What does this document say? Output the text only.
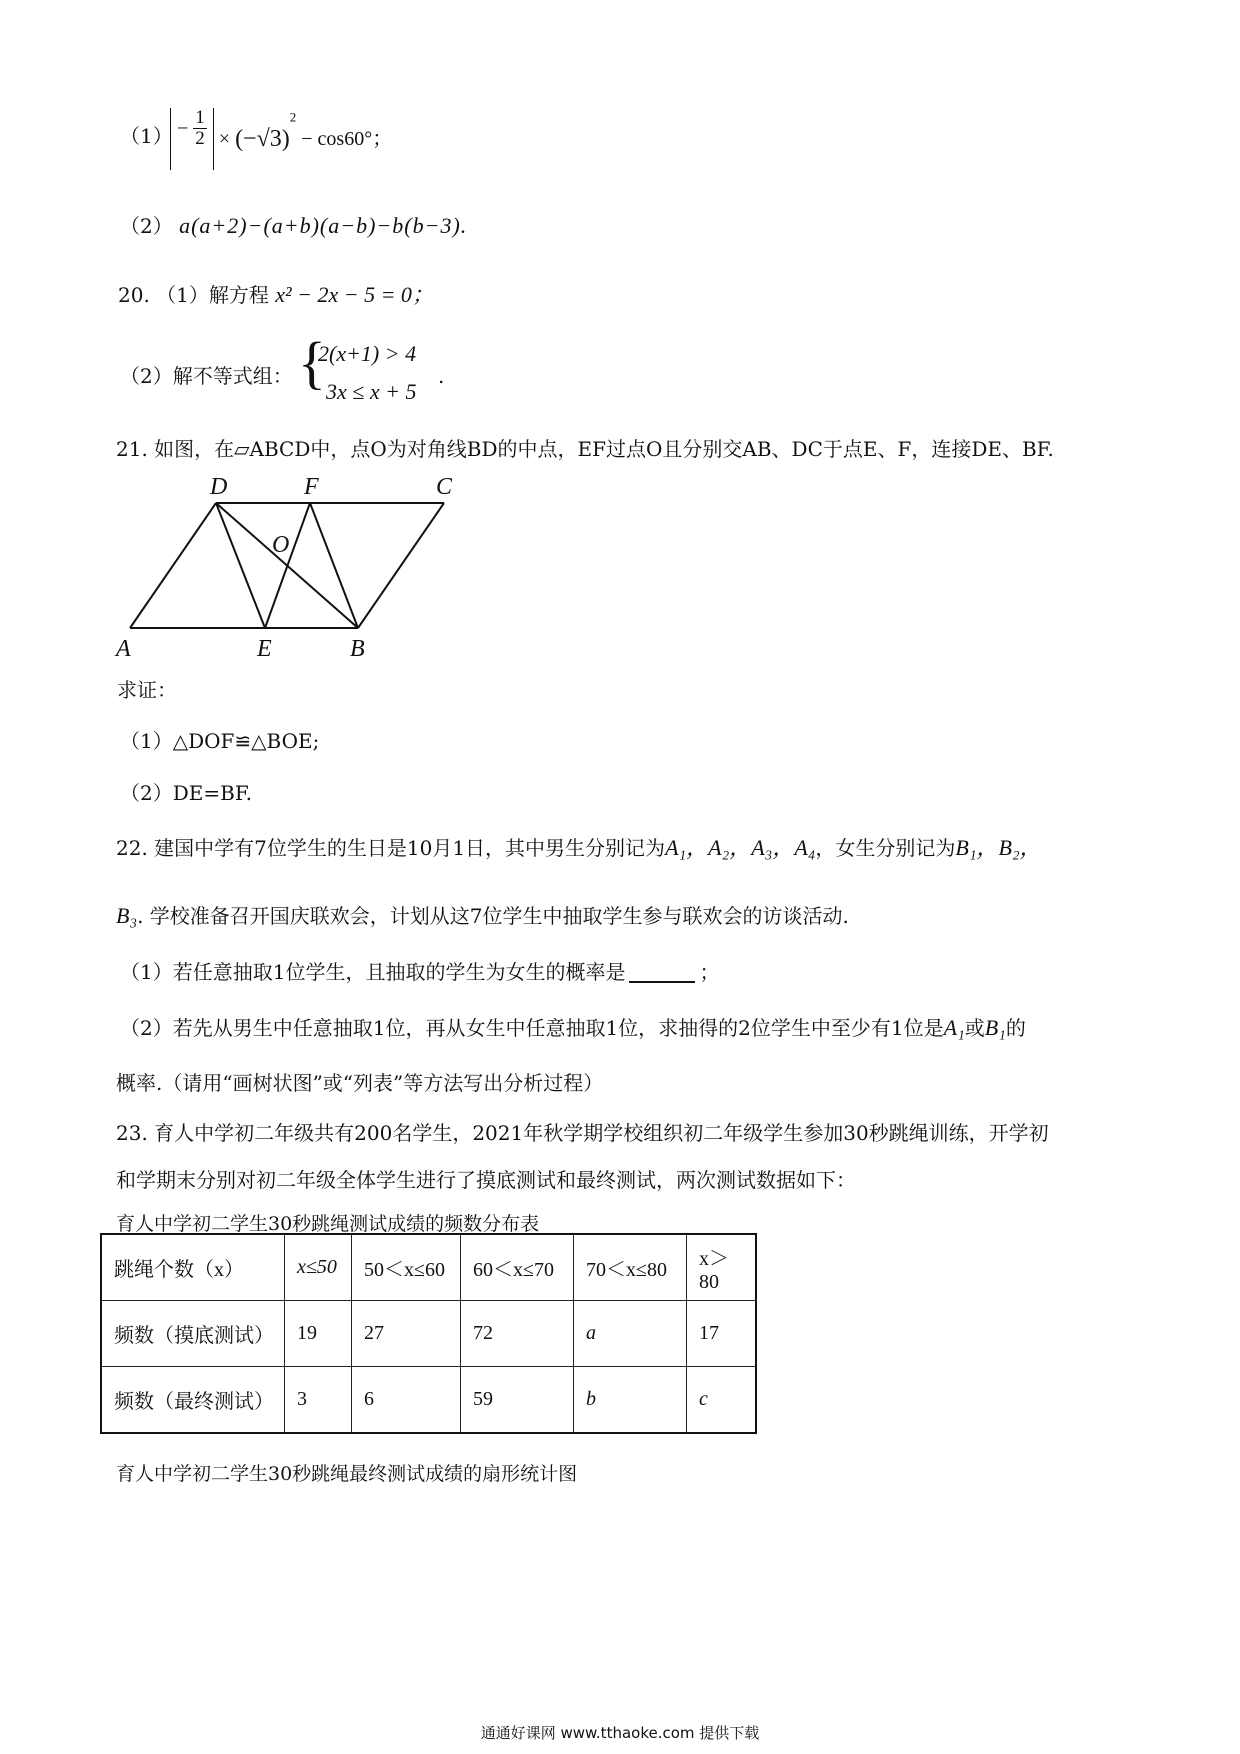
$(1) - \frac{1}{2} \times (-√3)^2 - \cos 60^\circ$；
（2） a(a+2)−(a+b)(a−b)−b(b−3).
20. （1）解方程 x² − 2x − 5 = 0；
（2）解不等式组： {
2(x+1) > 4
3x ≤ x + 5
.
21. 如图，在▱ABCD中，点O为对角线BD的中点，EF过点O且分别交AB、DC于点E、F，连接DE、BF.
D	F	C
O
A	E	B
求证：
（1）△DOF≌△BOE;
（2）DE=BF.
22. 建国中学有7位学生的生日是10月1日，其中男生分别记为A₁，A₂，A₃，A₄，女生分别记为B₁，B₂，
B₃. 学校准备召开国庆联欢会，计划从这7位学生中抽取学生参与联欢会的访谈活动.
（1）若任意抽取1位学生，且抽取的学生为女生的概率是	；
（2）若先从男生中任意抽取1位，再从女生中任意抽取1位，求抽得的2位学生中至少有1位是A₁或B₁的
概率.（请用“画树状图”或“列表”等方法写出分析过程）
23. 育人中学初二年级共有200名学生，2021年秋学期学校组织初二年级学生参加30秒跳绳训练，开学初
和学期末分别对初二年级全体学生进行了摸底测试和最终测试，两次测试数据如下：
育人中学初二学生30秒跳绳测试成绩的频数分布表
跳绳个数（x）	x≤50	50＜x≤60	60＜x≤70	70＜x≤80	x＞80
频数（摸底测试）	19	27	72	a	17
频数（最终测试）	3	6	59	b	c
育人中学初二学生30秒跳绳最终测试成绩的扇形统计图
通通好课网 www.tthaoke.com 提供下载
